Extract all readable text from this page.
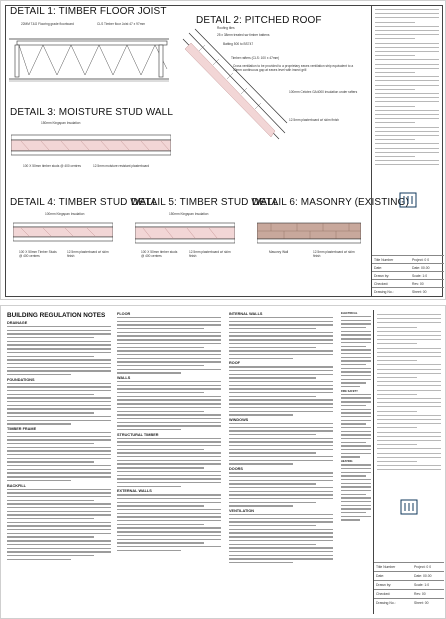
DETAIL 1: TIMBER FLOOR JOIST
22MM T&G Flooring grade floorboard	CLS Timber floor Joist 47 x 97mm	DETAIL 2: PITCHED ROOF
Roofing tiles
25 x 38mm treated sw timber battens
Batting 500 to BS747
Timber rafters (CLS: 100 x 47mm)
Cross ventilation to be provided to a proprietary eaves ventilation strip equivalent to a 10mm continuous gap at eaves level with insect grill
100mm Celotex GA4000 insulation under rafters
12.5mm plasterboard w/ skim finish
DETAIL 3: MOISTURE STUD WALL
150mm Kingspan Insulation
100 X 50mm timber studs @ 400 centres	12.5mm moisture resistant plasterboard
DETAIL 4: TIMBER STUD WALL
DETAIL 5: TIMBER STUD WALL
DETAIL 6: MASONRY (EXISTING)
100mm Kingspan Insulation
100 X 50mm Timber Studs @ 400 centres
12.5mm plasterboard w/ skim finish
150mm Kingspan Insulation
100 X 50mm timber studs @ 400 centres
12.5mm plasterboard w/ skim finish
Masonry Wall	12.5mm plasterboard w/ skim finish
Title Number	Project: 0 0
Date:	Date: 00.00
Drawn by:	Scale: 1:0
Checked:	Rev: 00
Drawing No.:	Sheet: 00
BUILDING REGULATION NOTES
DRAINAGE
FOUNDATIONS
TIMBER FRAME
BACKFILL
FLOOR
WALLS
STRUCTURAL TIMBER
EXTERNAL WALLS
INTERNAL WALLS
ROOF
WINDOWS
DOORS
VENTILATION
ELECTRICAL
FIRE SAFETY
HEATING
Title Number	Project: 0 0
Date:	Date: 00.00
Drawn by:	Scale: 1:0
Checked:	Rev: 00
Drawing No.:	Sheet: 00
